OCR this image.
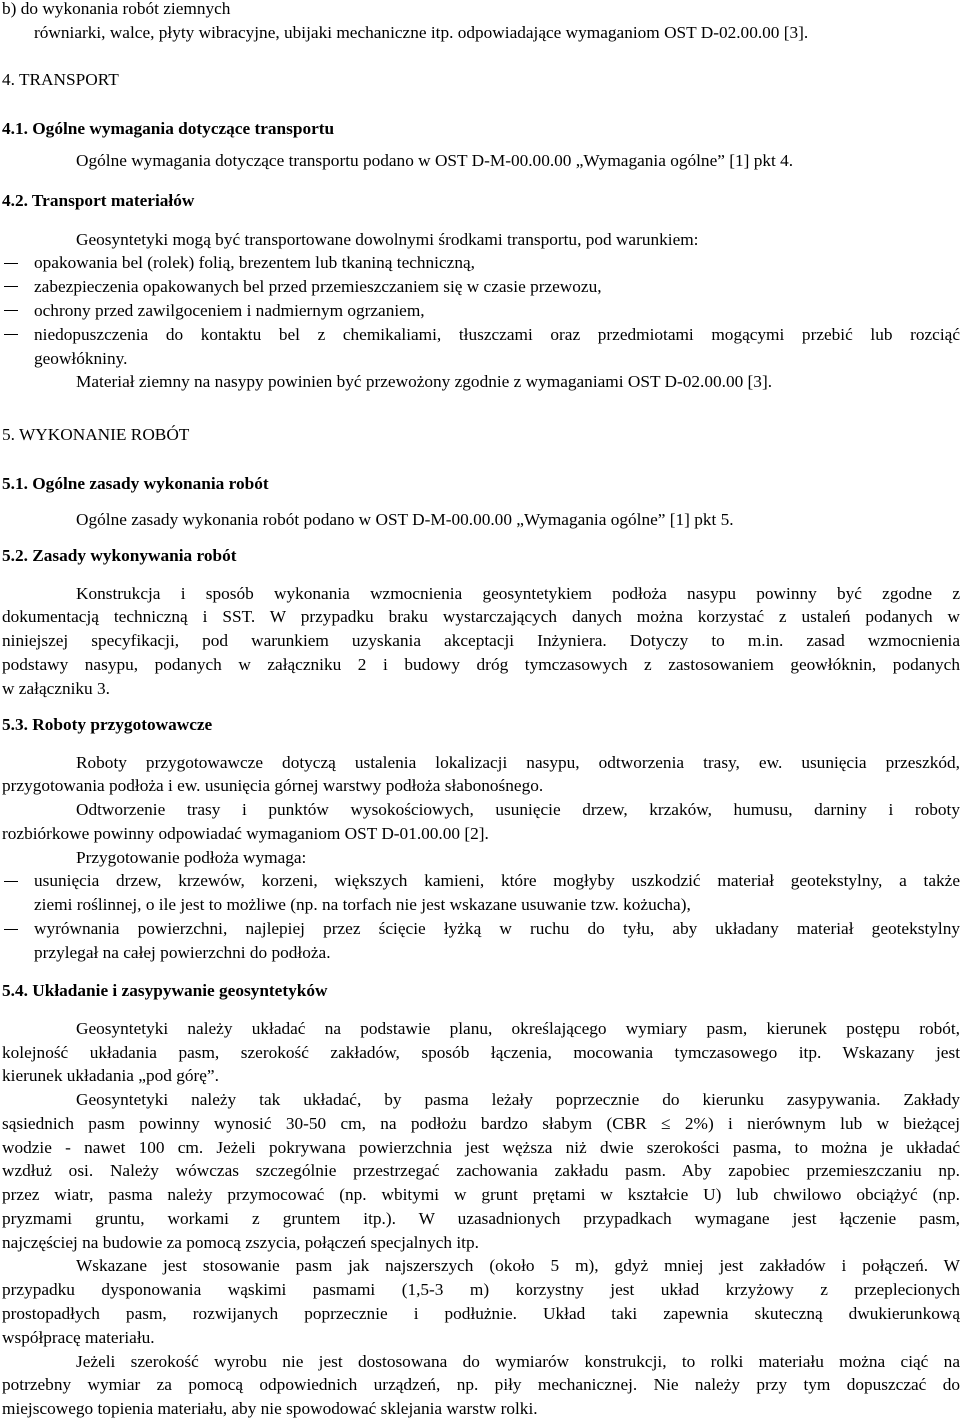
b) do wykonania robót ziemnych
równiarki, walce, płyty wibracyjne, ubijaki mechaniczne itp. odpowiadające wymaganiom OST D-02.00.00 [3].
4. TRANSPORT
4.1. Ogólne wymagania dotyczące transportu
Ogólne wymagania dotyczące transportu podano w OST D-M-00.00.00 „Wymagania ogólne” [1] pkt 4.
4.2. Transport materiałów
Geosyntetyki mogą być transportowane dowolnymi środkami transportu, pod warunkiem:
opakowania bel (rolek) folią, brezentem lub tkaniną techniczną,
zabezpieczenia opakowanych bel przed przemieszczaniem się w czasie przewozu,
ochrony przed zawilgoceniem i nadmiernym ogrzaniem,
niedopuszczenia do kontaktu bel z chemikaliami, tłuszczami oraz przedmiotami mogącymi przebić lub rozciąć
geowłókniny.
Materiał ziemny na nasypy powinien być przewożony zgodnie z wymaganiami OST D-02.00.00 [3].
5. WYKONANIE ROBÓT
5.1. Ogólne zasady wykonania robót
Ogólne zasady wykonania robót podano w OST D-M-00.00.00 „Wymagania ogólne” [1] pkt 5.
5.2. Zasady wykonywania robót
Konstrukcja i sposób wykonania wzmocnienia geosyntetykiem podłoża nasypu powinny być zgodne z
dokumentacją techniczną i SST. W przypadku braku wystarczających danych można korzystać z ustaleń podanych w
niniejszej specyfikacji, pod warunkiem uzyskania akceptacji Inżyniera. Dotyczy to m.in. zasad wzmocnienia
podstawy nasypu, podanych w załączniku 2 i budowy dróg tymczasowych z zastosowaniem geowłóknin, podanych
w załączniku 3.
5.3. Roboty przygotowawcze
Roboty przygotowawcze dotyczą ustalenia lokalizacji nasypu, odtworzenia trasy, ew. usunięcia przeszkód,
przygotowania podłoża i ew. usunięcia górnej warstwy podłoża słabonośnego.
Odtworzenie trasy i punktów wysokościowych, usunięcie drzew, krzaków, humusu, darniny i roboty
rozbiórkowe powinny odpowiadać wymaganiom OST D-01.00.00 [2].
Przygotowanie podłoża wymaga:
usunięcia drzew, krzewów, korzeni, większych kamieni, które mogłyby uszkodzić materiał geotekstylny, a także
ziemi roślinnej, o ile jest to możliwe (np. na torfach nie jest wskazane usuwanie tzw. kożucha),
wyrównania powierzchni, najlepiej przez ścięcie łyżką w ruchu do tyłu, aby układany materiał geotekstylny
przylegał na całej powierzchni do podłoża.
5.4. Układanie i zasypywanie geosyntetyków
Geosyntetyki należy układać na podstawie planu, określającego wymiary pasm, kierunek postępu robót,
kolejność układania pasm, szerokość zakładów, sposób łączenia, mocowania tymczasowego itp. Wskazany jest
kierunek układania „pod górę”.
Geosyntetyki należy tak układać, by pasma leżały poprzecznie do kierunku zasypywania. Zakłady
sąsiednich pasm powinny wynosić 30-50 cm, na podłożu bardzo słabym (CBR ≤ 2%) i nierównym lub w bieżącej
wodzie - nawet 100 cm. Jeżeli pokrywana powierzchnia jest węższa niż dwie szerokości pasma, to można je układać
wzdłuż osi. Należy wówczas szczególnie przestrzegać zachowania zakładu pasm. Aby zapobiec przemieszczaniu np.
przez wiatr, pasma należy przymocować (np. wbitymi w grunt prętami w kształcie U) lub chwilowo obciążyć (np.
pryzmami gruntu, workami z gruntem itp.). W uzasadnionych przypadkach wymagane jest łączenie pasm,
najczęściej na budowie za pomocą zszycia, połączeń specjalnych itp.
Wskazane jest stosowanie pasm jak najszerszych (około 5 m), gdyż mniej jest zakładów i połączeń. W
przypadku dysponowania wąskimi pasmami (1,5-3 m) korzystny jest układ krzyżowy z przeplecionych
prostopadłych pasm, rozwijanych poprzecznie i podłużnie. Układ taki zapewnia skuteczną dwukierunkową
współpracę materiału.
Jeżeli szerokość wyrobu nie jest dostosowana do wymiarów konstrukcji, to rolki materiału można ciąć na
potrzebny wymiar za pomocą odpowiednich urządzeń, np. piły mechanicznej. Nie należy przy tym dopuszczać do
miejscowego topienia materiału, aby nie spowodować sklejania warstw rolki.
